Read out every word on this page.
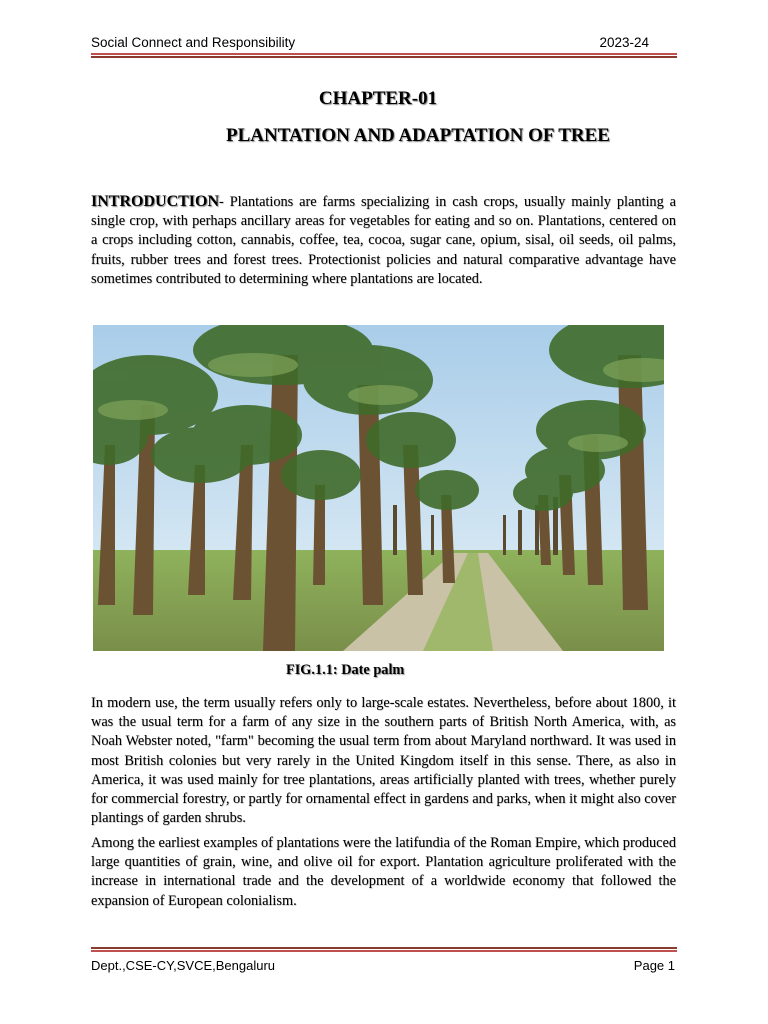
Social Connect and Responsibility	2023-24
CHAPTER-01
PLANTATION AND ADAPTATION OF TREE

INTRODUCTION- Plantations are farms specializing in cash crops, usually mainly planting a single crop, with perhaps ancillary areas for vegetables for eating and so on. Plantations, centered on a crops including cotton, cannabis, coffee, tea, cocoa, sugar cane, opium, sisal, oil seeds, oil palms, fruits, rubber trees and forest trees. Protectionist policies and natural comparative advantage have sometimes contributed to determining where plantations are located.

FIG.1.1: Date palm

In modern use, the term usually refers only to large-scale estates. Nevertheless, before about 1800, it was the usual term for a farm of any size in the southern parts of British North America, with, as Noah Webster noted, "farm" becoming the usual term from about Maryland northward. It was used in most British colonies but very rarely in the United Kingdom itself in this sense. There, as also in America, it was used mainly for tree plantations, areas artificially planted with trees, whether purely for commercial forestry, or partly for ornamental effect in gardens and parks, when it might also cover plantings of garden shrubs.

Among the earliest examples of plantations were the latifundia of the Roman Empire, which produced large quantities of grain, wine, and olive oil for export. Plantation agriculture proliferated with the increase in international trade and the development of a worldwide economy that followed the expansion of European colonialism.

Dept.,CSE-CY,SVCE,Bengaluru	Page 1
